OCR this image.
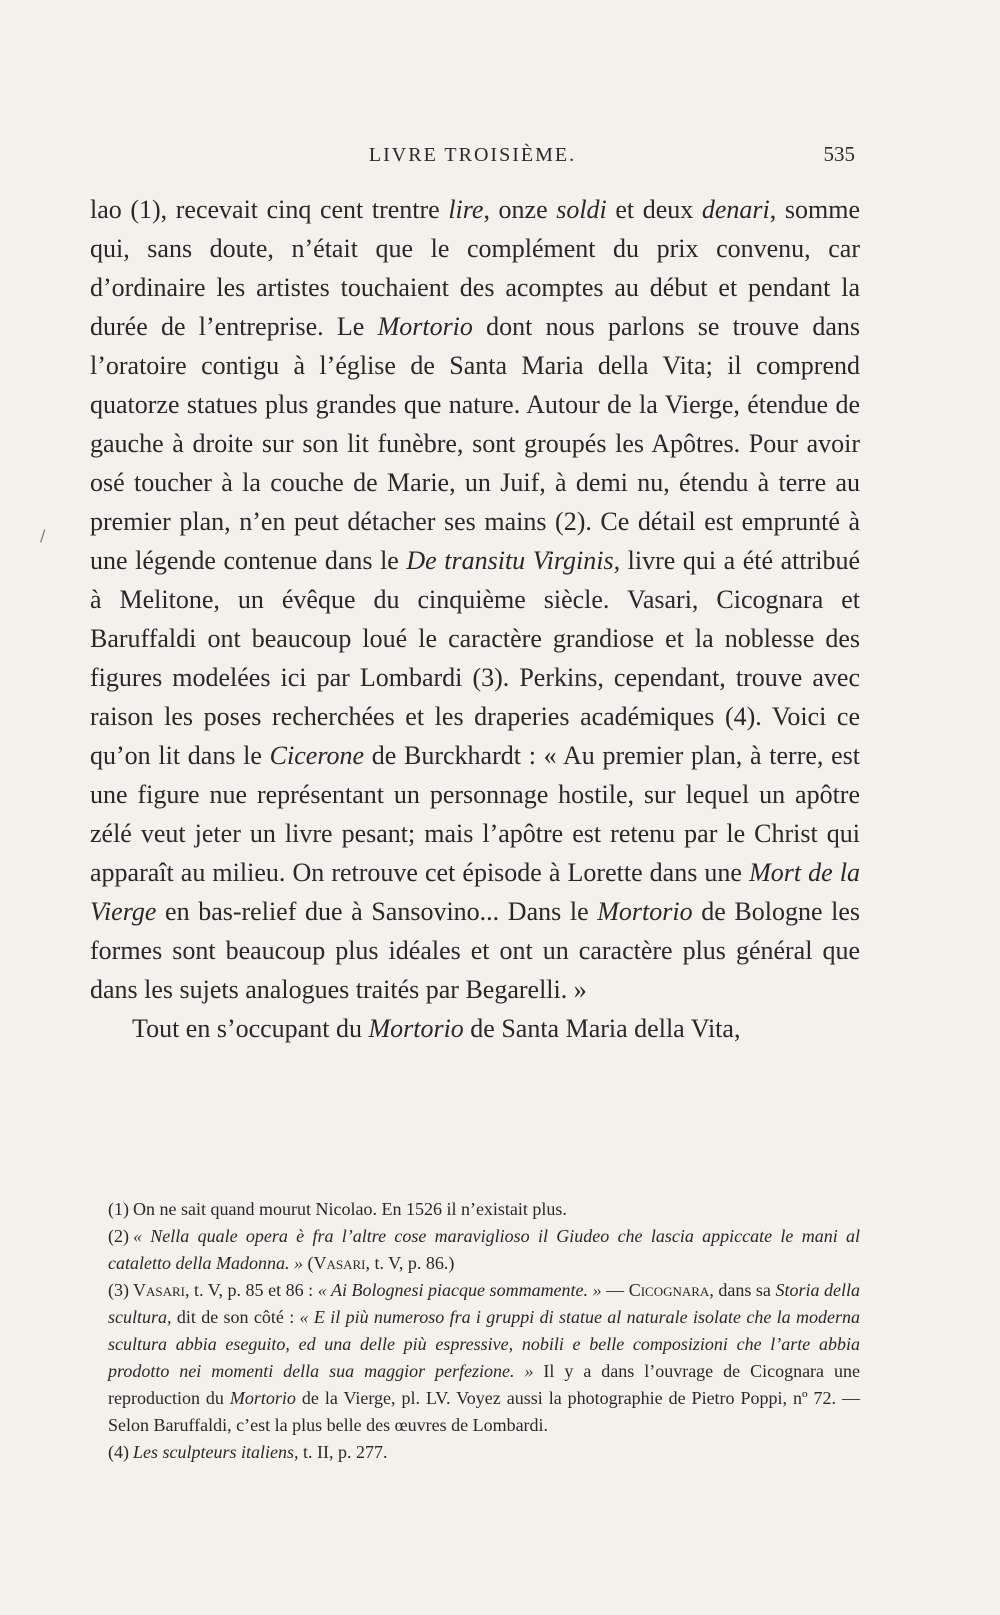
LIVRE TROISIÈME.	535
/

lao (1), recevait cinq cent trentre lire, onze soldi et deux denari, somme qui, sans doute, n’était que le complément du prix convenu, car d’ordinaire les artistes touchaient des acomptes au début et pendant la durée de l’entreprise. Le Mortorio dont nous parlons se trouve dans l’oratoire contigu à l’église de Santa Maria della Vita; il comprend quatorze statues plus grandes que nature. Autour de la Vierge, étendue de gauche à droite sur son lit funèbre, sont groupés les Apôtres. Pour avoir osé toucher à la couche de Marie, un Juif, à demi nu, étendu à terre au premier plan, n’en peut détacher ses mains (2). Ce détail est emprunté à une légende contenue dans le De transitu Virginis, livre qui a été attribué à Melitone, un évêque du cinquième siècle. Vasari, Cicognara et Baruffaldi ont beaucoup loué le caractère grandiose et la noblesse des figures modelées ici par Lombardi (3). Perkins, cependant, trouve avec raison les poses recherchées et les draperies académiques (4). Voici ce qu’on lit dans le Cicerone de Burckhardt : « Au premier plan, à terre, est une figure nue représentant un personnage hostile, sur lequel un apôtre zélé veut jeter un livre pesant; mais l’apôtre est retenu par le Christ qui apparaît au milieu. On retrouve cet épisode à Lorette dans une Mort de la Vierge en bas-relief due à Sansovino... Dans le Mortorio de Bologne les formes sont beaucoup plus idéales et ont un caractère plus général que dans les sujets analogues traités par Begarelli. »

Tout en s’occupant du Mortorio de Santa Maria della Vita,

(1) On ne sait quand mourut Nicolao. En 1526 il n’existait plus.

(2) « Nella quale opera è fra l’altre cose maraviglioso il Giudeo che lascia appiccate le mani al cataletto della Madonna. » (Vasari, t. V, p. 86.)

(3) Vasari, t. V, p. 85 et 86 : « Ai Bolognesi piacque sommamente. » — Cicognara, dans sa Storia della scultura, dit de son côté : « E il più numeroso fra i gruppi di statue al naturale isolate che la moderna scultura abbia eseguito, ed una delle più espressive, nobili e belle composizioni che l’arte abbia prodotto nei momenti della sua maggior perfezione. » Il y a dans l’ouvrage de Cicognara une reproduction du Mortorio de la Vierge, pl. LV. Voyez aussi la photographie de Pietro Poppi, nº 72. — Selon Baruffaldi, c’est la plus belle des œuvres de Lombardi.

(4) Les sculpteurs italiens, t. II, p. 277.
